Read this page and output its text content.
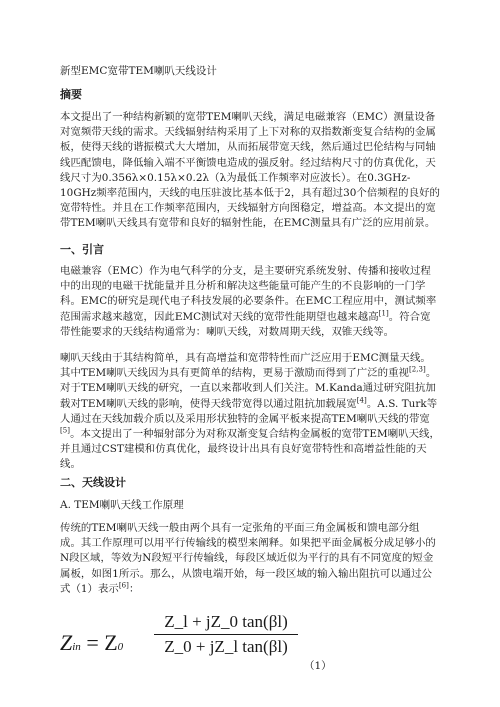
新型EMC宽带TEM喇叭天线设计
摘要
本文提出了一种结构新颖的宽带TEM喇叭天线，满足电磁兼容（EMC）测量设备对宽频带天线的需求。天线辐射结构采用了上下对称的双指数渐变复合结构的金属板，使得天线的谐振模式大大增加，从而拓展带宽天线，然后通过巴伦结构与同轴线匹配馈电，降低输入端不平衡馈电造成的强反射。经过结构尺寸的仿真优化，天线尺寸为0.356λ×0.15λ×0.2λ（λ为最低工作频率对应波长）。在0.3GHz-10GHz频率范围内，天线的电压驻波比基本低于2，具有超过30个倍频程的良好的宽带特性。并且在工作频率范围内，天线辐射方向图稳定，增益高。本文提出的宽带TEM喇叭天线具有宽带和良好的辐射性能，在EMC测量具有广泛的应用前景。
一、引言
电磁兼容（EMC）作为电气科学的分支，是主要研究系统发射、传播和接收过程中的出现的电磁干扰能量并且分析和解决这些能量可能产生的不良影响的一门学科。EMC的研究是现代电子科技发展的必要条件。在EMC工程应用中，测试频率范围需求越来越宽，因此EMC测试对天线的宽带性能期望也越来越高[1]。符合宽带性能要求的天线结构通常为：喇叭天线，对数周期天线，双锥天线等。
喇叭天线由于其结构简单，具有高增益和宽带特性而广泛应用于EMC测量天线。其中TEM喇叭天线因为具有更简单的结构，更易于激励而得到了广泛的重视[2,3]。对于TEM喇叭天线的研究，一直以来都收到人们关注。M.Kanda通过研究阻抗加载对TEM喇叭天线的影响，使得天线带宽得以通过阻抗加载展宽[4]。A.S. Turk等人通过在天线加载介质以及采用形状独特的金属平板来提高TEM喇叭天线的带宽[5]。本文提出了一种辐射部分为对称双渐变复合结构金属板的宽带TEM喇叭天线，并且通过CST建模和仿真优化，最终设计出具有良好宽带特性和高增益性能的天线。
二、天线设计
A. TEM喇叭天线工作原理
传统的TEM喇叭天线一般由两个具有一定张角的平面三角金属板和馈电部分组成。其工作原理可以用平行传输线的模型来阐释。如果把平面金属板分成足够小的N段区域，等效为N段短平行传输线，每段区域近似为平行的具有不同宽度的短金属板，如图1所示。那么，从馈电端开始，每一段区域的输入输出阻抗可以通过公式（1）表示[6]：
Zin = Z0
Z_l + jZ_0 tan(βl)
Z_0 + jZ_l tan(βl)
（1）
